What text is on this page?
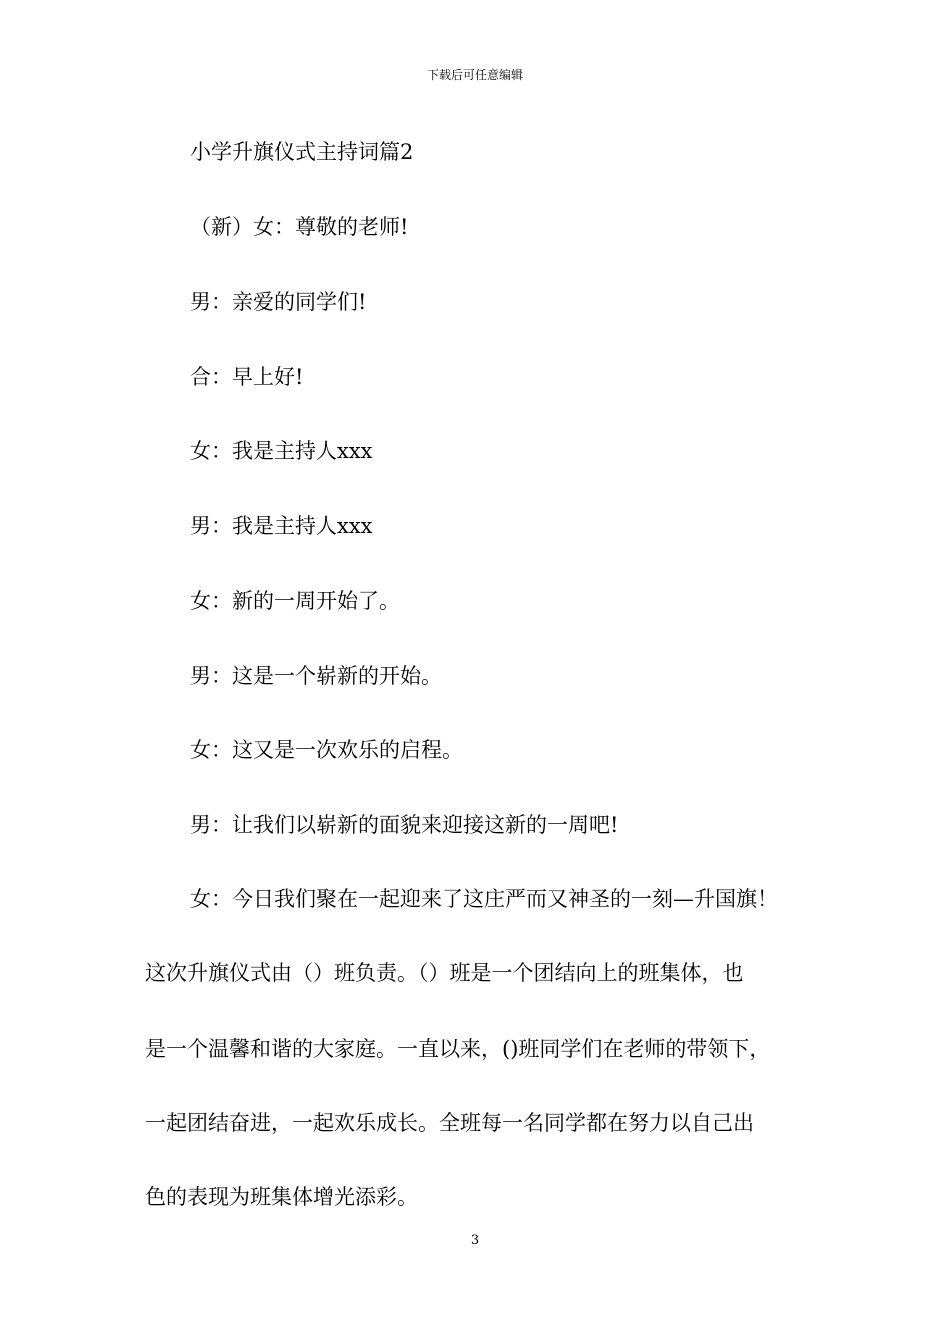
下载后可任意编辑
小学升旗仪式主持词篇2
（新）女：尊敬的老师!
男：亲爱的同学们!
合：早上好!
女：我是主持人xxx
男：我是主持人xxx
女：新的一周开始了。
男：这是一个崭新的开始。
女：这又是一次欢乐的启程。
男：让我们以崭新的面貌来迎接这新的一周吧!
女：今日我们聚在一起迎来了这庄严而又神圣的一刻—升国旗！
这次升旗仪式由（）班负责。（）班是一个团结向上的班集体，也
是一个温馨和谐的大家庭。一直以来，()班同学们在老师的带领下，
一起团结奋进，一起欢乐成长。全班每一名同学都在努力以自己出
色的表现为班集体增光添彩。
3
